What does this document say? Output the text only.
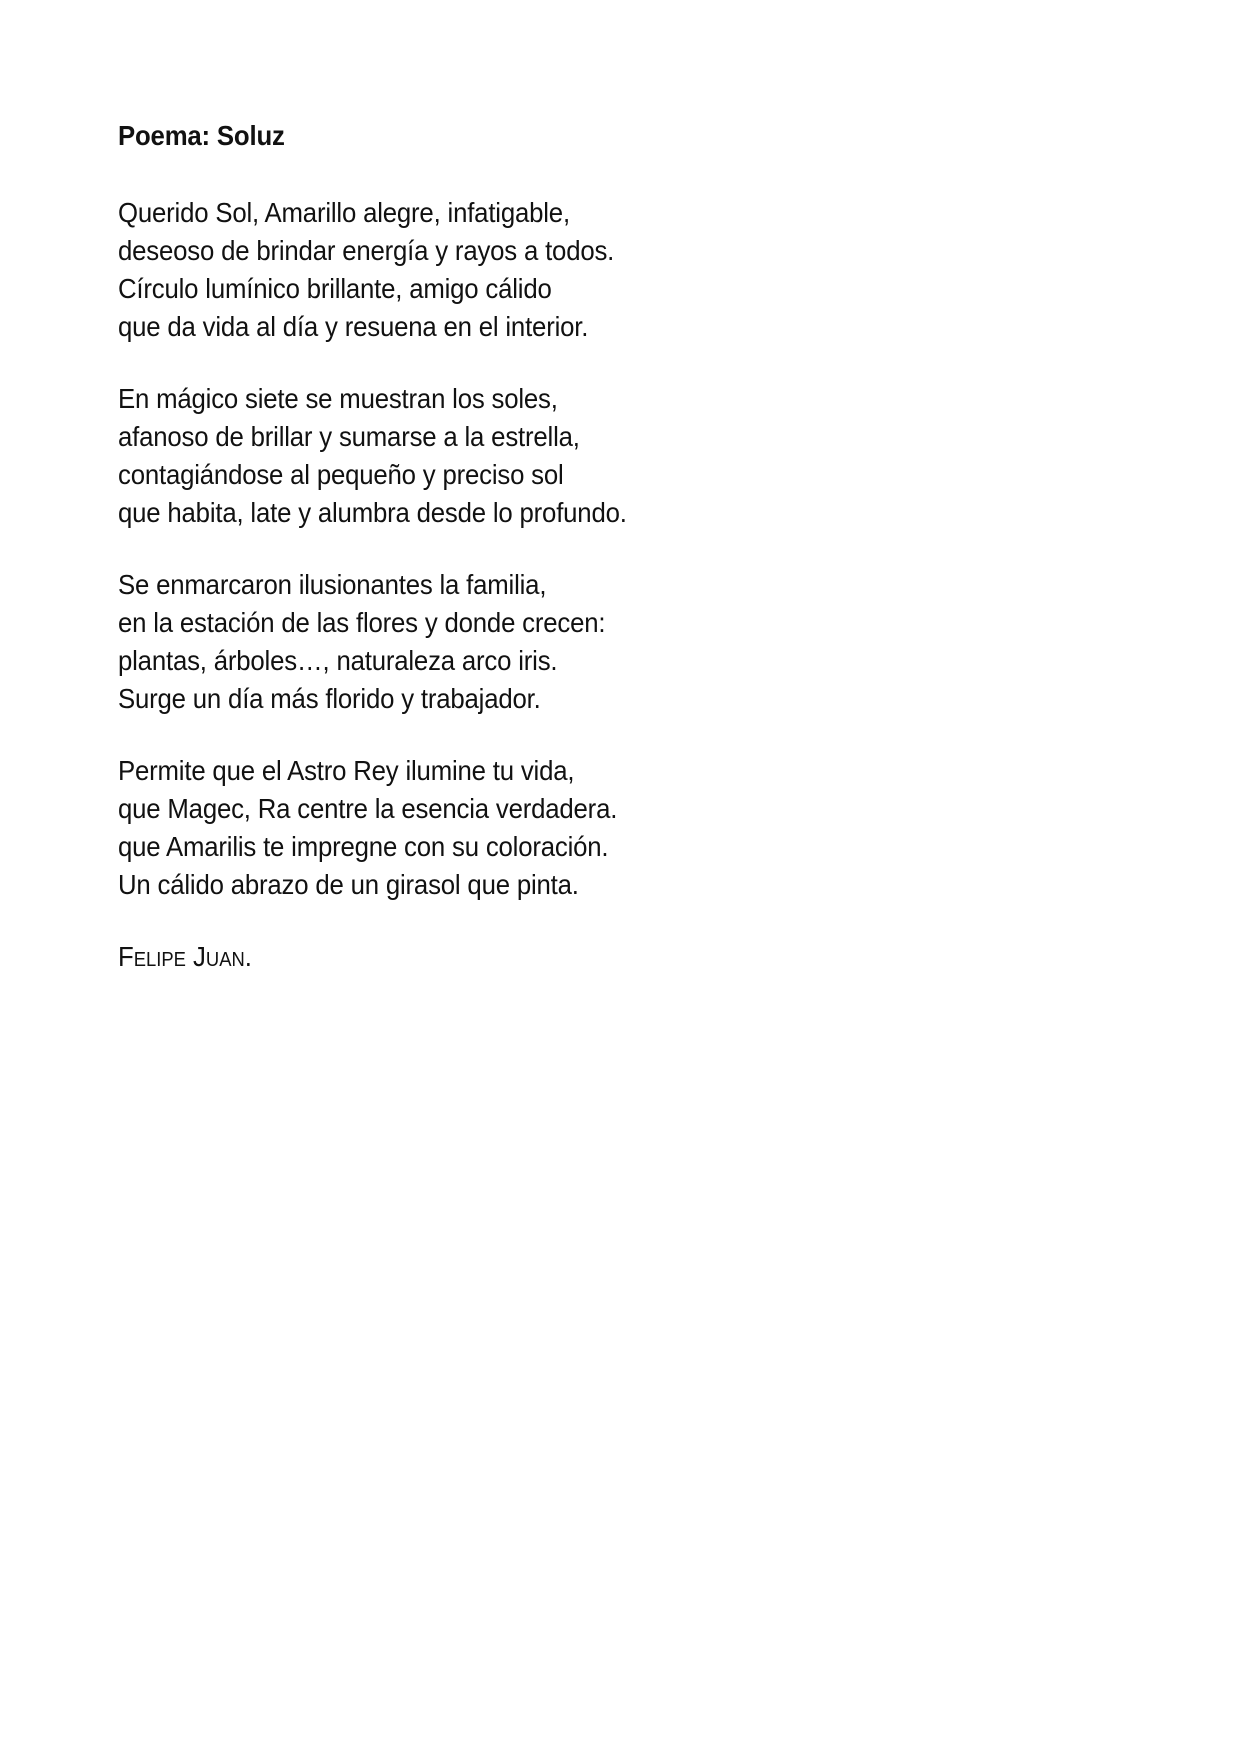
Poema: Soluz

Querido Sol, Amarillo alegre, infatigable,
deseoso de brindar energía y rayos a todos.
Círculo lumínico brillante, amigo cálido
que da vida al día y resuena en el interior.

En mágico siete se muestran los soles,
afanoso de brillar y sumarse a la estrella,
contagiándose al pequeño y preciso sol
que habita, late y alumbra desde lo profundo.

Se enmarcaron ilusionantes la familia,
en la estación de las flores y donde crecen:
plantas, árboles…, naturaleza arco iris.
Surge un día más florido y trabajador.

Permite que el Astro Rey ilumine tu vida,
que Magec, Ra centre la esencia verdadera.
que Amarilis te impregne con su coloración.
Un cálido abrazo de un girasol que pinta.

Felipe Juan.
